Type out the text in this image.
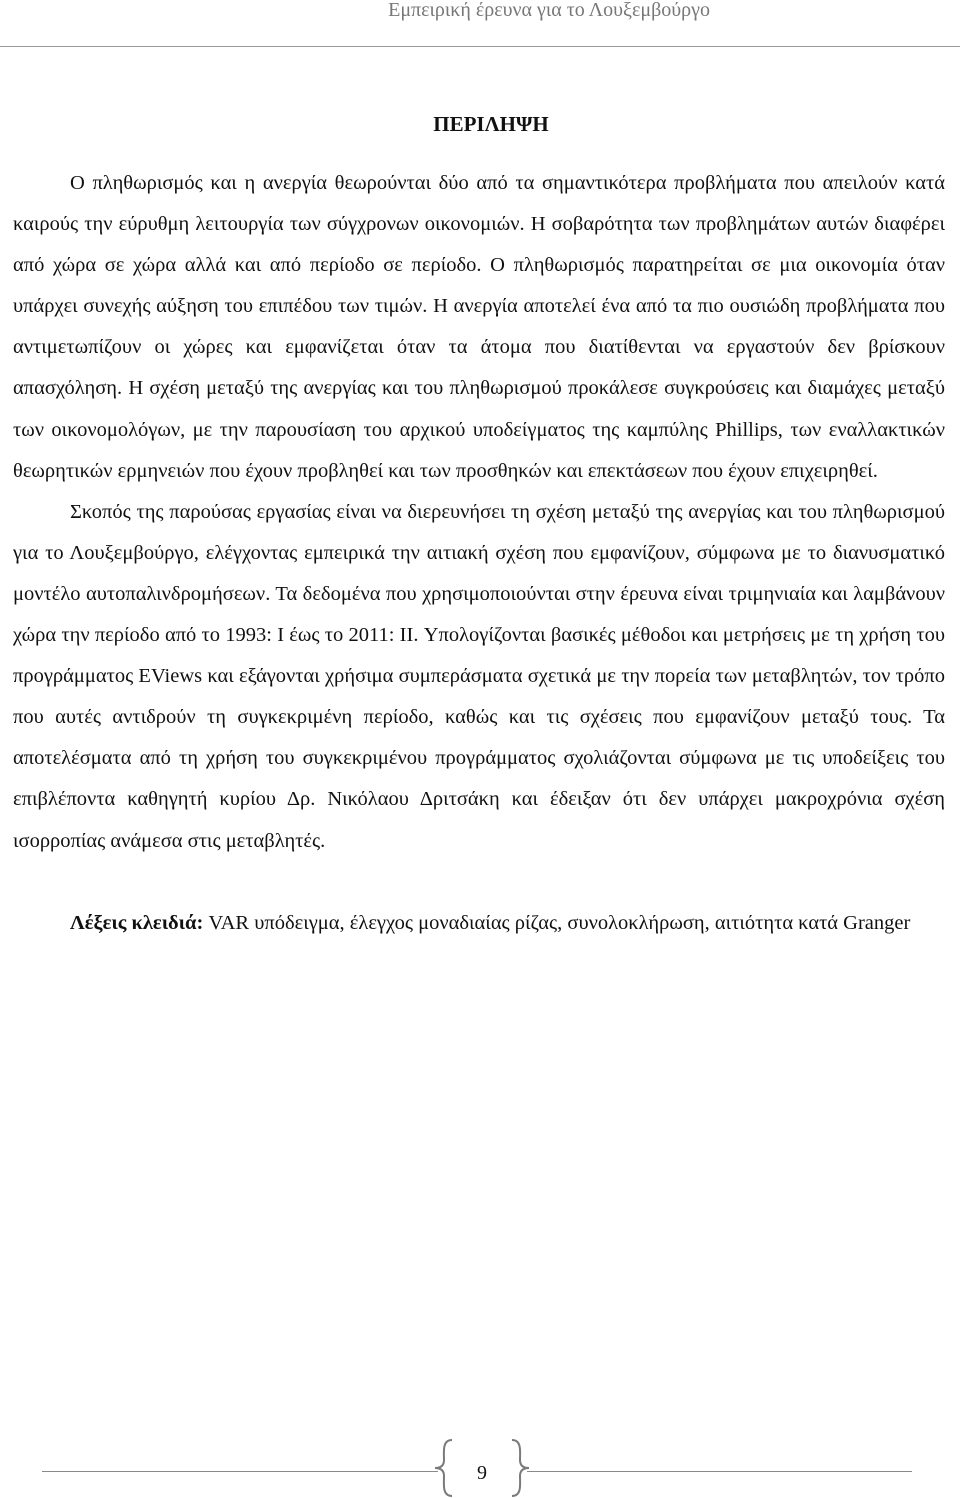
Εμπειρική έρευνα για το Λουξεμβούργο
ΠΕΡΙΛΗΨΗ

Ο πληθωρισμός και η ανεργία θεωρούνται δύο από τα σημαντικότερα προβλήματα που απειλούν κατά καιρούς την εύρυθμη λειτουργία των σύγχρονων οικονομιών. Η σοβαρότητα των προβλημάτων αυτών διαφέρει από χώρα σε χώρα αλλά και από περίοδο σε περίοδο. Ο πληθωρισμός παρατηρείται σε μια οικονομία όταν υπάρχει συνεχής αύξηση του επιπέδου των τιμών. Η ανεργία αποτελεί ένα από τα πιο ουσιώδη προβλήματα που αντιμετωπίζουν οι χώρες και εμφανίζεται όταν τα άτομα που διατίθενται να εργαστούν δεν βρίσκουν απασχόληση. Η σχέση μεταξύ της ανεργίας και του πληθωρισμού προκάλεσε συγκρούσεις και διαμάχες μεταξύ των οικονομολόγων, με την παρουσίαση του αρχικού υποδείγματος της καμπύλης Phillips, των εναλλακτικών θεωρητικών ερμηνειών που έχουν προβληθεί και των προσθηκών και επεκτάσεων που έχουν επιχειρηθεί.

Σκοπός της παρούσας εργασίας είναι να διερευνήσει τη σχέση μεταξύ της ανεργίας και του πληθωρισμού για το Λουξεμβούργο, ελέγχοντας εμπειρικά την αιτιακή σχέση που εμφανίζουν, σύμφωνα με το διανυσματικό μοντέλο αυτοπαλινδρομήσεων. Τα δεδομένα που χρησιμοποιούνται στην έρευνα είναι τριμηνιαία και λαμβάνουν χώρα την περίοδο από το 1993: I έως το 2011: II. Υπολογίζονται βασικές μέθοδοι και μετρήσεις με τη χρήση του προγράμματος EViews και εξάγονται χρήσιμα συμπεράσματα σχετικά με την πορεία των μεταβλητών, τον τρόπο που αυτές αντιδρούν τη συγκεκριμένη περίοδο, καθώς και τις σχέσεις που εμφανίζουν μεταξύ τους. Τα αποτελέσματα από τη χρήση του συγκεκριμένου προγράμματος σχολιάζονται σύμφωνα με τις υποδείξεις του επιβλέποντα καθηγητή κυρίου Δρ. Νικόλαου Δριτσάκη και έδειξαν ότι δεν υπάρχει μακροχρόνια σχέση ισορροπίας ανάμεσα στις μεταβλητές.

Λέξεις κλειδιά: VAR υπόδειγμα, έλεγχος μοναδιαίας ρίζας, συνολοκλήρωση, αιτιότητα κατά Granger

9
